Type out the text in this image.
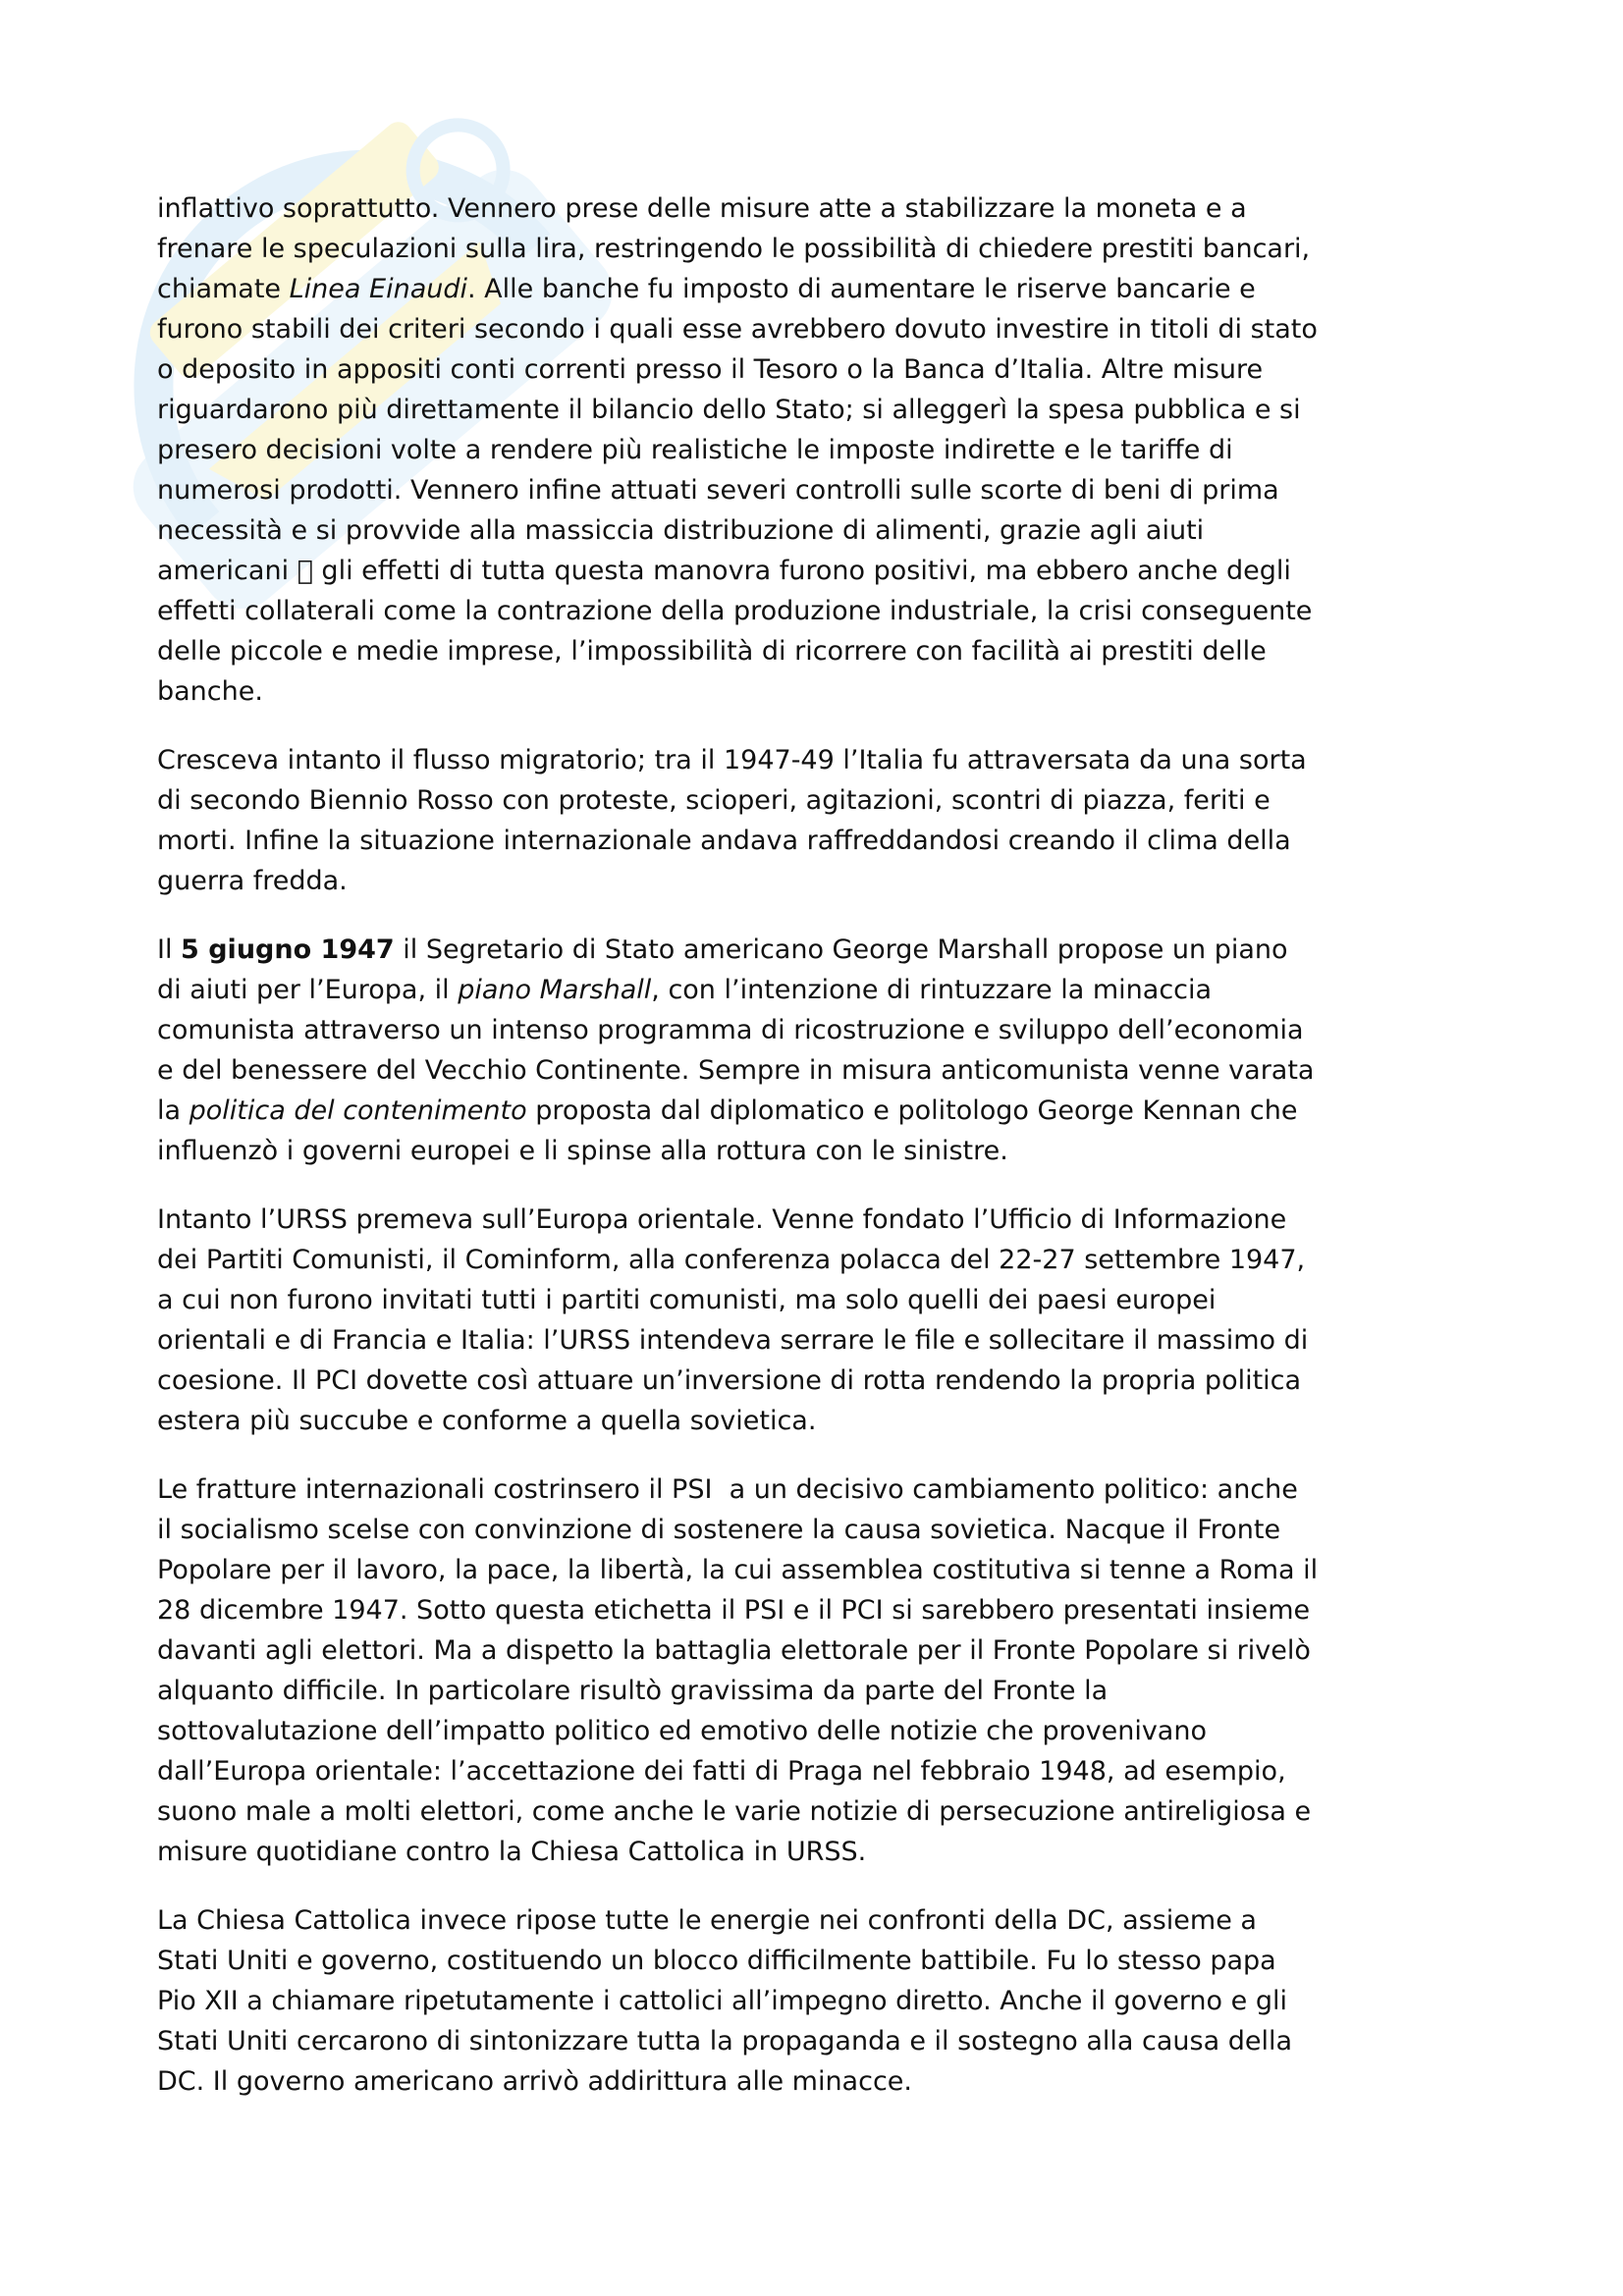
inflattivo soprattutto. Vennero prese delle misure atte a stabilizzare la moneta e a
frenare le speculazioni sulla lira, restringendo le possibilità di chiedere prestiti bancari,
chiamate Linea Einaudi. Alle banche fu imposto di aumentare le riserve bancarie e
furono stabili dei criteri secondo i quali esse avrebbero dovuto investire in titoli di stato
o deposito in appositi conti correnti presso il Tesoro o la Banca d’Italia. Altre misure
riguardarono più direttamente il bilancio dello Stato; si alleggerì la spesa pubblica e si
presero decisioni volte a rendere più realistiche le imposte indirette e le tariffe di
numerosi prodotti. Vennero infine attuati severi controlli sulle scorte di beni di prima
necessità e si provvide alla massiccia distribuzione di alimenti, grazie agli aiuti
americani   gli effetti di tutta questa manovra furono positivi, ma ebbero anche degli
effetti collaterali come la contrazione della produzione industriale, la crisi conseguente
delle piccole e medie imprese, l’impossibilità di ricorrere con facilità ai prestiti delle
banche.
Cresceva intanto il flusso migratorio; tra il 1947-49 l’Italia fu attraversata da una sorta
di secondo Biennio Rosso con proteste, scioperi, agitazioni, scontri di piazza, feriti e
morti. Infine la situazione internazionale andava raffreddandosi creando il clima della
guerra fredda.
Il 5 giugno 1947 il Segretario di Stato americano George Marshall propose un piano
di aiuti per l’Europa, il piano Marshall, con l’intenzione di rintuzzare la minaccia
comunista attraverso un intenso programma di ricostruzione e sviluppo dell’economia
e del benessere del Vecchio Continente. Sempre in misura anticomunista venne varata
la politica del contenimento proposta dal diplomatico e politologo George Kennan che
influenzò i governi europei e li spinse alla rottura con le sinistre.
Intanto l’URSS premeva sull’Europa orientale. Venne fondato l’Ufficio di Informazione
dei Partiti Comunisti, il Cominform, alla conferenza polacca del 22-27 settembre 1947,
a cui non furono invitati tutti i partiti comunisti, ma solo quelli dei paesi europei
orientali e di Francia e Italia: l’URSS intendeva serrare le file e sollecitare il massimo di
coesione. Il PCI dovette così attuare un’inversione di rotta rendendo la propria politica
estera più succube e conforme a quella sovietica.
Le fratture internazionali costrinsero il PSI  a un decisivo cambiamento politico: anche
il socialismo scelse con convinzione di sostenere la causa sovietica. Nacque il Fronte
Popolare per il lavoro, la pace, la libertà, la cui assemblea costitutiva si tenne a Roma il
28 dicembre 1947. Sotto questa etichetta il PSI e il PCI si sarebbero presentati insieme
davanti agli elettori. Ma a dispetto la battaglia elettorale per il Fronte Popolare si rivelò
alquanto difficile. In particolare risultò gravissima da parte del Fronte la
sottovalutazione dell’impatto politico ed emotivo delle notizie che provenivano
dall’Europa orientale: l’accettazione dei fatti di Praga nel febbraio 1948, ad esempio,
suono male a molti elettori, come anche le varie notizie di persecuzione antireligiosa e
misure quotidiane contro la Chiesa Cattolica in URSS.
La Chiesa Cattolica invece ripose tutte le energie nei confronti della DC, assieme a
Stati Uniti e governo, costituendo un blocco difficilmente battibile. Fu lo stesso papa
Pio XII a chiamare ripetutamente i cattolici all’impegno diretto. Anche il governo e gli
Stati Uniti cercarono di sintonizzare tutta la propaganda e il sostegno alla causa della
DC. Il governo americano arrivò addirittura alle minacce.
